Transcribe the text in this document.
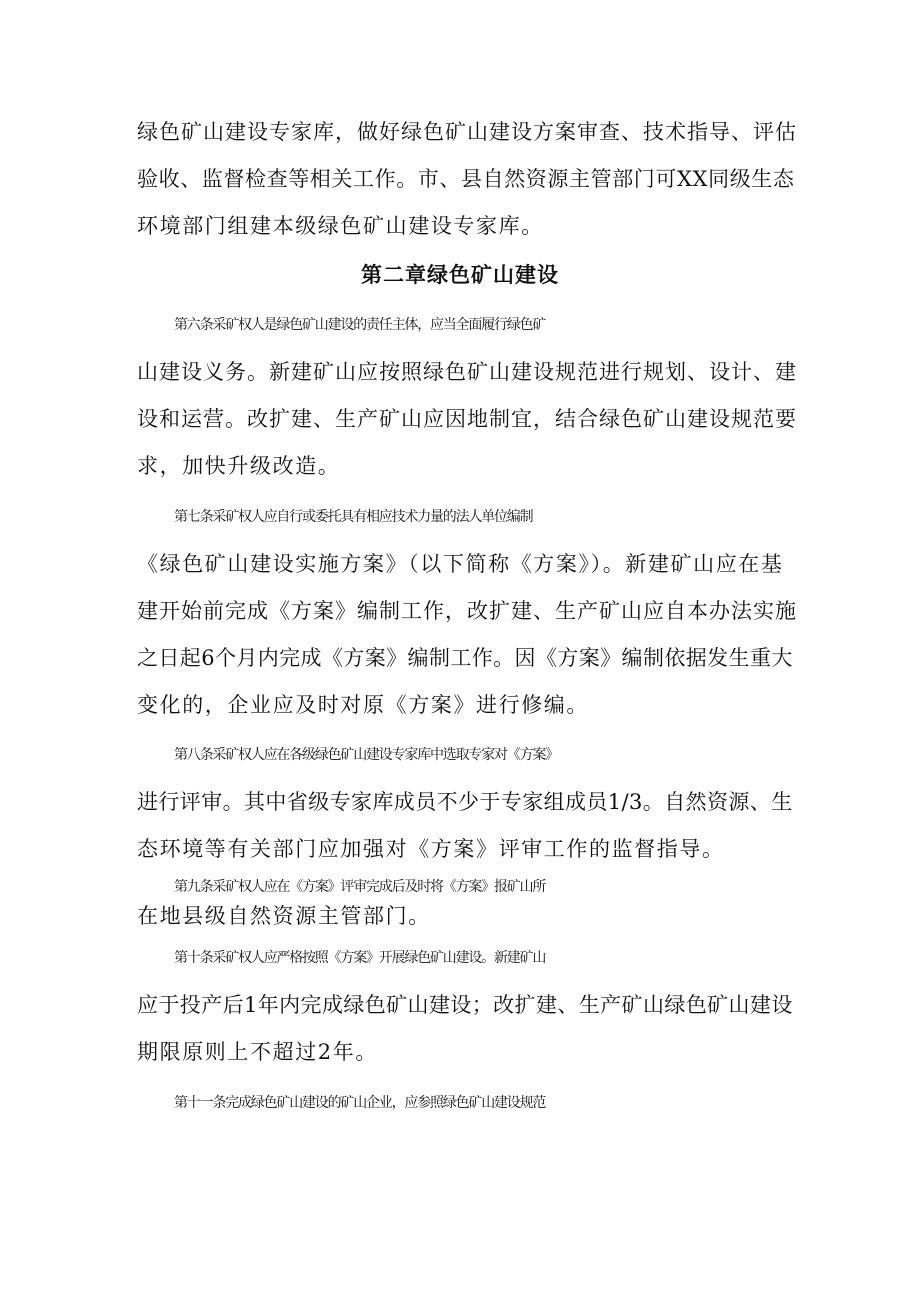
绿色矿山建设专家库，做好绿色矿山建设方案审查、技术指导、评估
验收、监督检查等相关工作。市、县自然资源主管部门可XX同级生态
环境部门组建本级绿色矿山建设专家库。
第二章绿色矿山建设
第六条采矿权人是绿色矿山建设的责任主体，应当全面履行绿色矿
山建设义务。新建矿山应按照绿色矿山建设规范进行规划、设计、建
设和运营。改扩建、生产矿山应因地制宜，结合绿色矿山建设规范要
求，加快升级改造。
第七条采矿权人应自行或委托具有相应技术力量的法人单位编制
《绿色矿山建设实施方案》（以下简称《方案》）。新建矿山应在基
建开始前完成《方案》编制工作，改扩建、生产矿山应自本办法实施
之日起6个月内完成《方案》编制工作。因《方案》编制依据发生重大
变化的，企业应及时对原《方案》进行修编。
第八条采矿权人应在各级绿色矿山建设专家库中选取专家对《方案》
进行评审。其中省级专家库成员不少于专家组成员1/3。自然资源、生
态环境等有关部门应加强对《方案》评审工作的监督指导。
第九条采矿权人应在《方案》评审完成后及时将《方案》报矿山所
在地县级自然资源主管部门。
第十条采矿权人应严格按照《方案》开展绿色矿山建设。新建矿山
应于投产后1年内完成绿色矿山建设；改扩建、生产矿山绿色矿山建设
期限原则上不超过2年。
第十一条完成绿色矿山建设的矿山企业，应参照绿色矿山建设规范
